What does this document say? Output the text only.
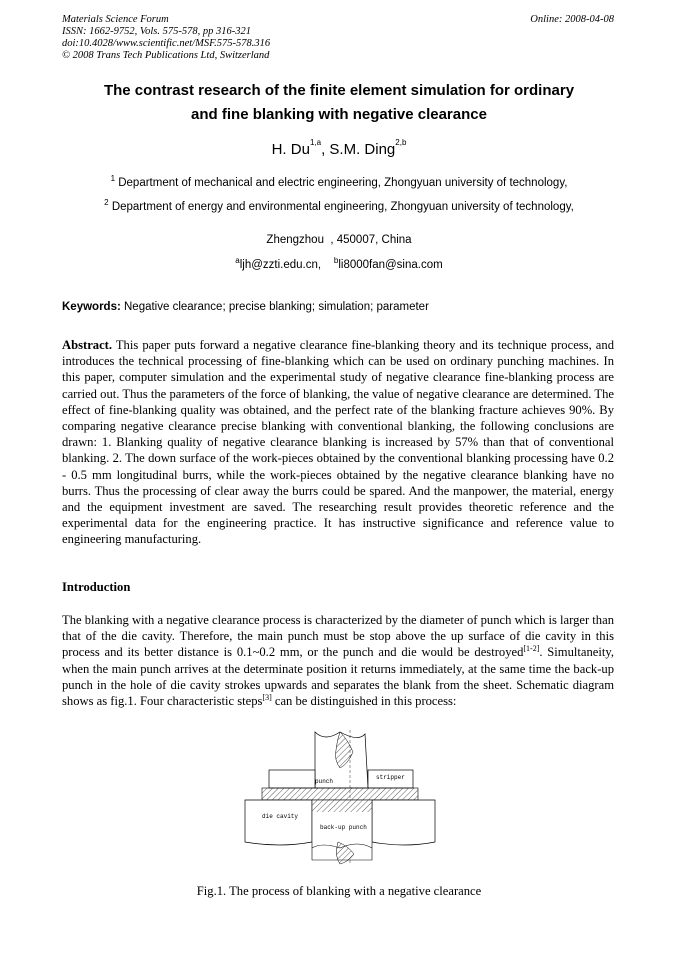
Materials Science Forum
ISSN: 1662-9752, Vols. 575-578, pp 316-321
doi:10.4028/www.scientific.net/MSF.575-578.316
© 2008 Trans Tech Publications Ltd, Switzerland
Online: 2008-04-08
The contrast research of the finite element simulation for ordinary
and fine blanking with negative clearance
H. Du$^{1,a}$, S.M. Ding$^{2,b}$
$^1$ Department of mechanical and electric engineering, Zhongyuan university of technology,
$^2$ Department of energy and environmental engineering, Zhongyuan university of technology,
Zhengzhou  , 450007, China
$^a$ljh@zzti.edu.cn, $^b$li8000fan@sina.com
Keywords: Negative clearance; precise blanking; simulation; parameter
Abstract. This paper puts forward a negative clearance fine-blanking theory and its technique process, and introduces the technical processing of fine-blanking which can be used on ordinary punching machines. In this paper, computer simulation and the experimental study of negative clearance fine-blanking process are carried out. Thus the parameters of the force of blanking, the value of negative clearance are determined. The effect of fine-blanking quality was obtained, and the perfect rate of the blanking fracture achieves 90%. By comparing negative clearance precise blanking with conventional blanking, the following conclusions are drawn: 1. Blanking quality of negative clearance blanking is increased by 57% than that of conventional blanking. 2. The down surface of the work-pieces obtained by the conventional blanking processing have 0.2 - 0.5 mm longitudinal burrs, while the work-pieces obtained by the negative clearance blanking have no burrs. Thus the processing of clear away the burrs could be spared. And the manpower, the material, energy and the equipment investment are saved. The researching result provides theoretic reference and the experimental data for the engineering practice. It has instructive significance and reference value to engineering manufacturing.
Introduction
The blanking with a negative clearance process is characterized by the diameter of punch which is larger than that of the die cavity. Therefore, the main punch must be stop above the up surface of die cavity in this process and its better distance is 0.1~0.2 mm, or the punch and die would be destroyed[1-2]. Simultaneity, when the main punch arrives at the determinate position it returns immediately, at the same time the back-up punch in the hole of die cavity strokes upwards and separates the blank from the sheet. Schematic diagram shows as fig.1. Four characteristic steps[3] can be distinguished in this process:
punch
stripper
die cavity
back-up punch
Fig.1. The process of blanking with a negative clearance
